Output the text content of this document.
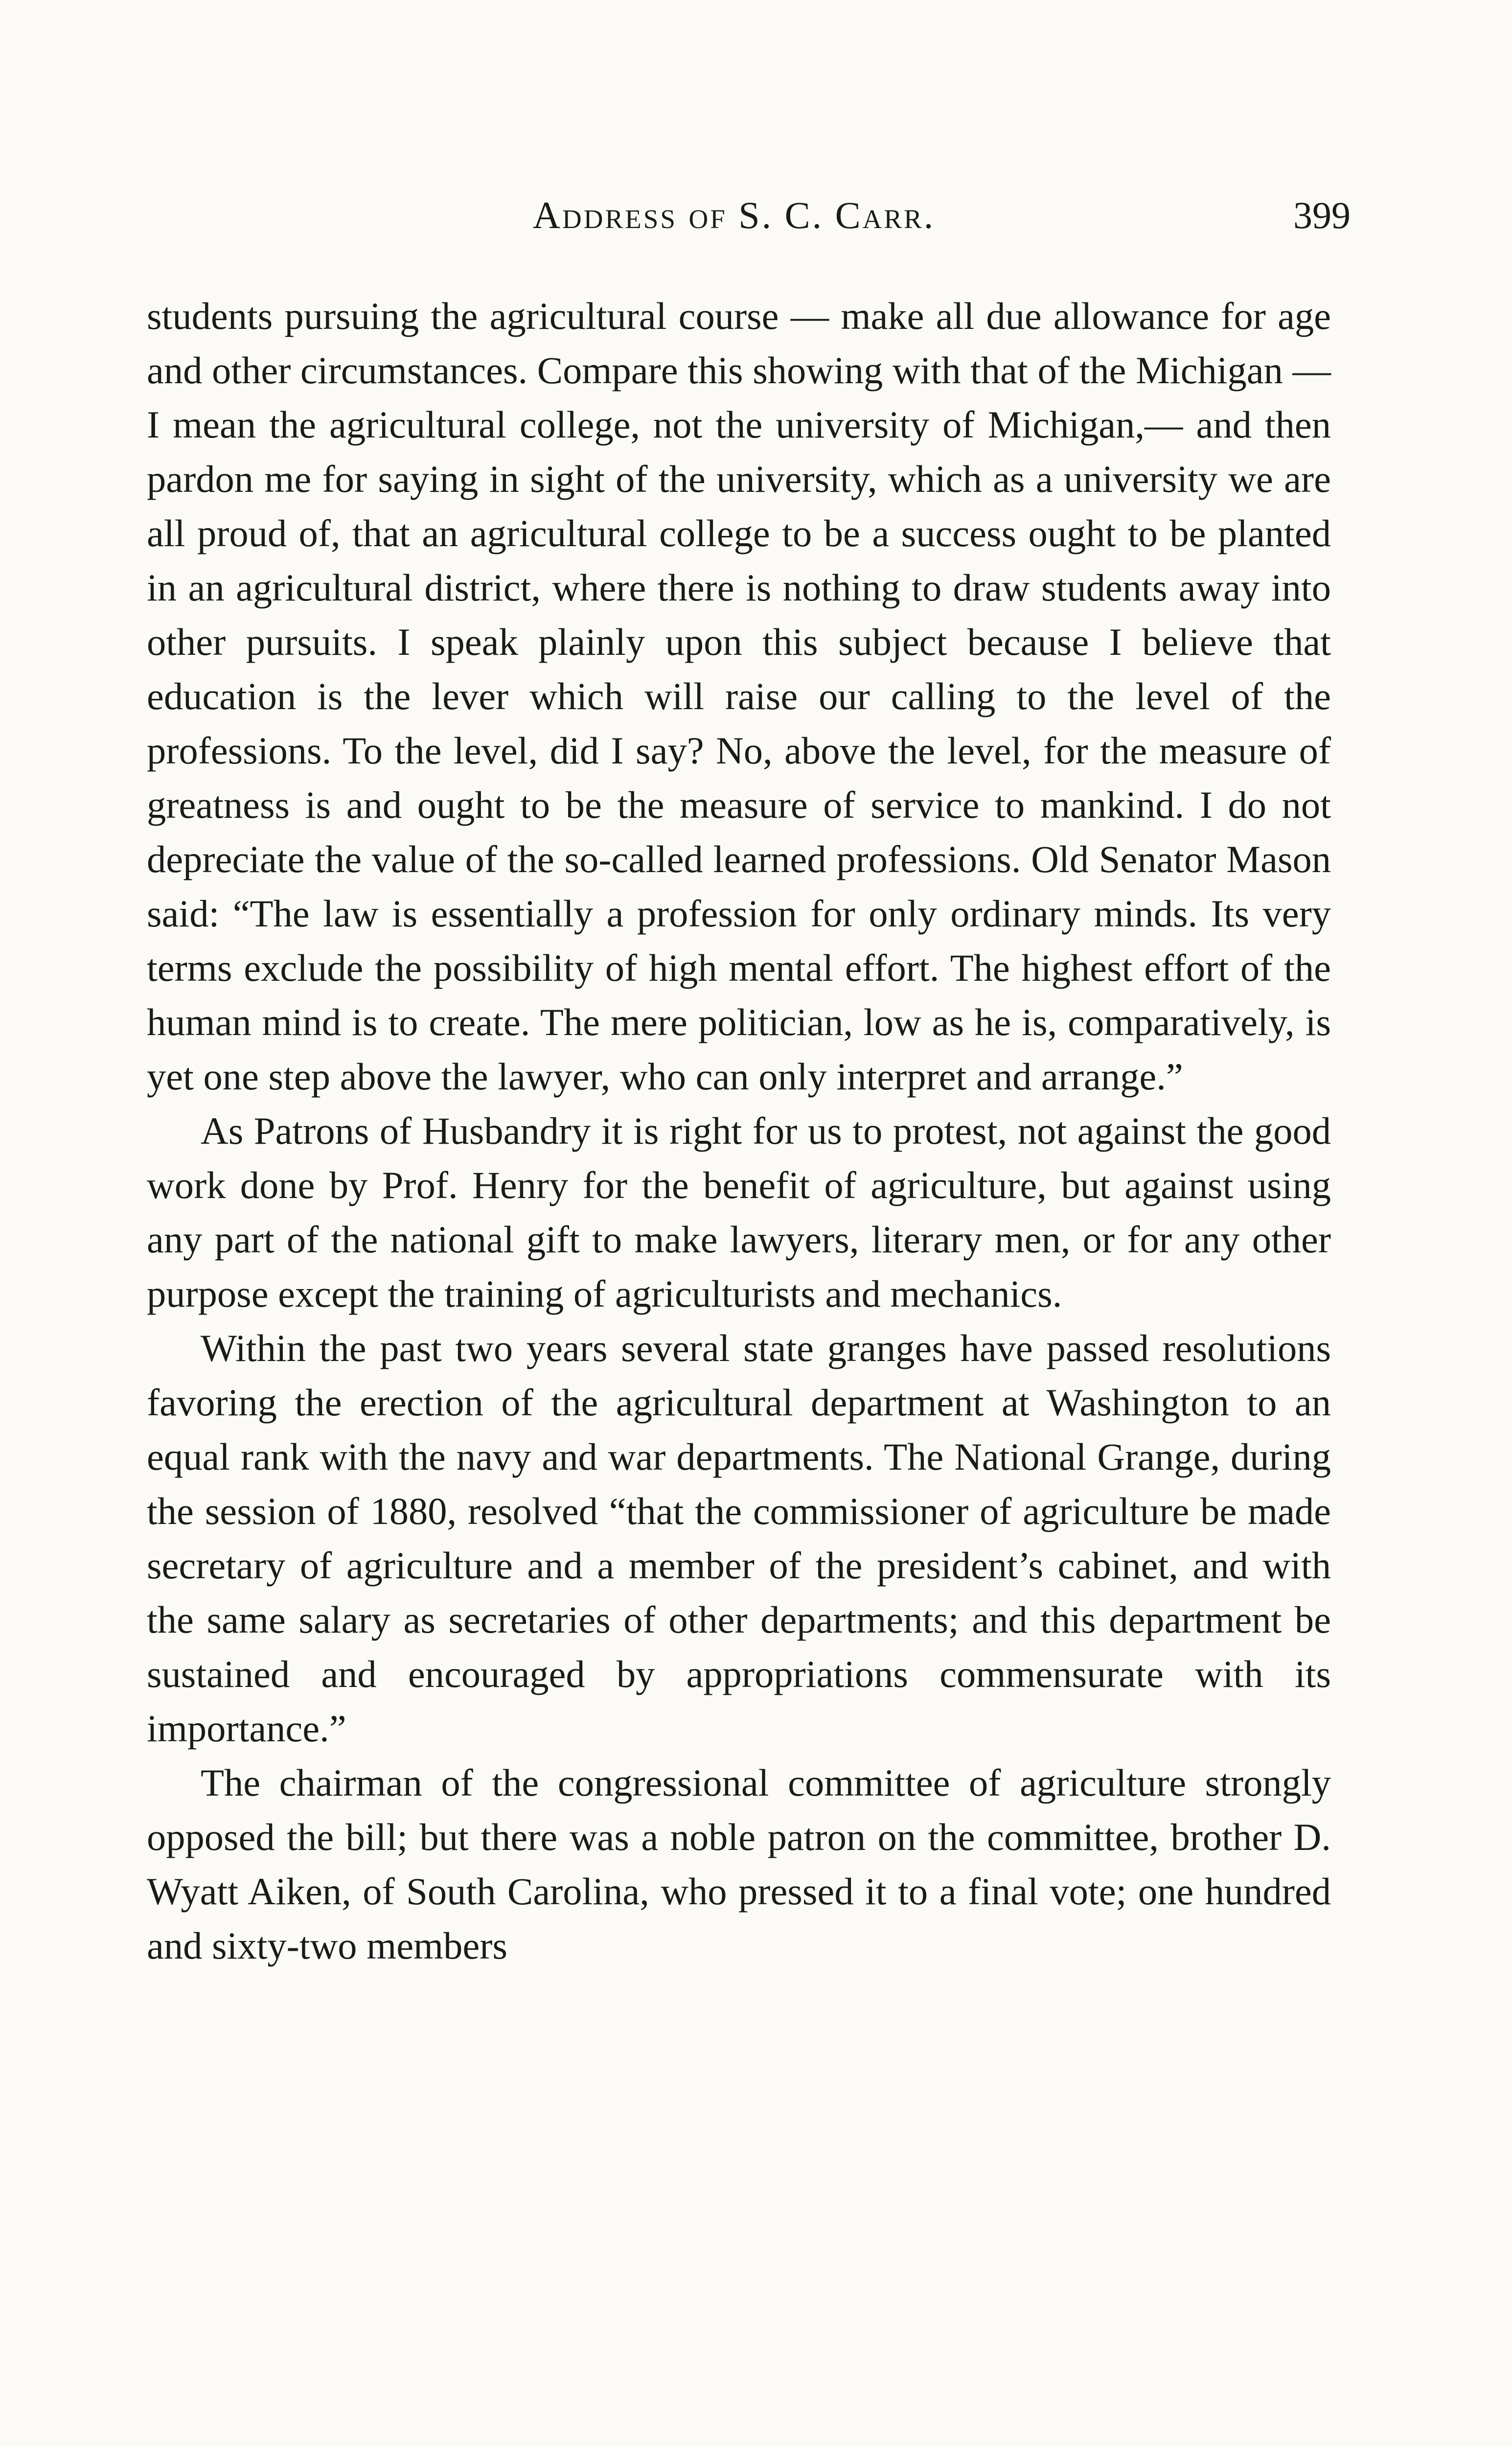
Address of S. C. Carr.	399

students pursuing the agricultural course — make all due allowance for age and other circumstances. Compare this showing with that of the Michigan — I mean the agricultural college, not the university of Michigan,— and then pardon me for saying in sight of the university, which as a university we are all proud of, that an agricultural college to be a success ought to be planted in an agricultural district, where there is nothing to draw students away into other pursuits. I speak plainly upon this subject because I believe that education is the lever which will raise our calling to the level of the professions. To the level, did I say? No, above the level, for the measure of greatness is and ought to be the measure of service to mankind. I do not depreciate the value of the so-called learned professions. Old Senator Mason said: “The law is essentially a profession for only ordinary minds. Its very terms exclude the possibility of high mental effort. The highest effort of the human mind is to create. The mere politician, low as he is, comparatively, is yet one step above the lawyer, who can only interpret and arrange.”

As Patrons of Husbandry it is right for us to protest, not against the good work done by Prof. Henry for the benefit of agriculture, but against using any part of the national gift to make lawyers, literary men, or for any other purpose except the training of agriculturists and mechanics.

Within the past two years several state granges have passed resolutions favoring the erection of the agricultural department at Washington to an equal rank with the navy and war departments. The National Grange, during the session of 1880, resolved “that the commissioner of agriculture be made secretary of agriculture and a member of the president’s cabinet, and with the same salary as secretaries of other departments; and this department be sustained and encouraged by appropriations commensurate with its importance.”

The chairman of the congressional committee of agriculture strongly opposed the bill; but there was a noble patron on the committee, brother D. Wyatt Aiken, of South Carolina, who pressed it to a final vote; one hundred and sixty-two members
